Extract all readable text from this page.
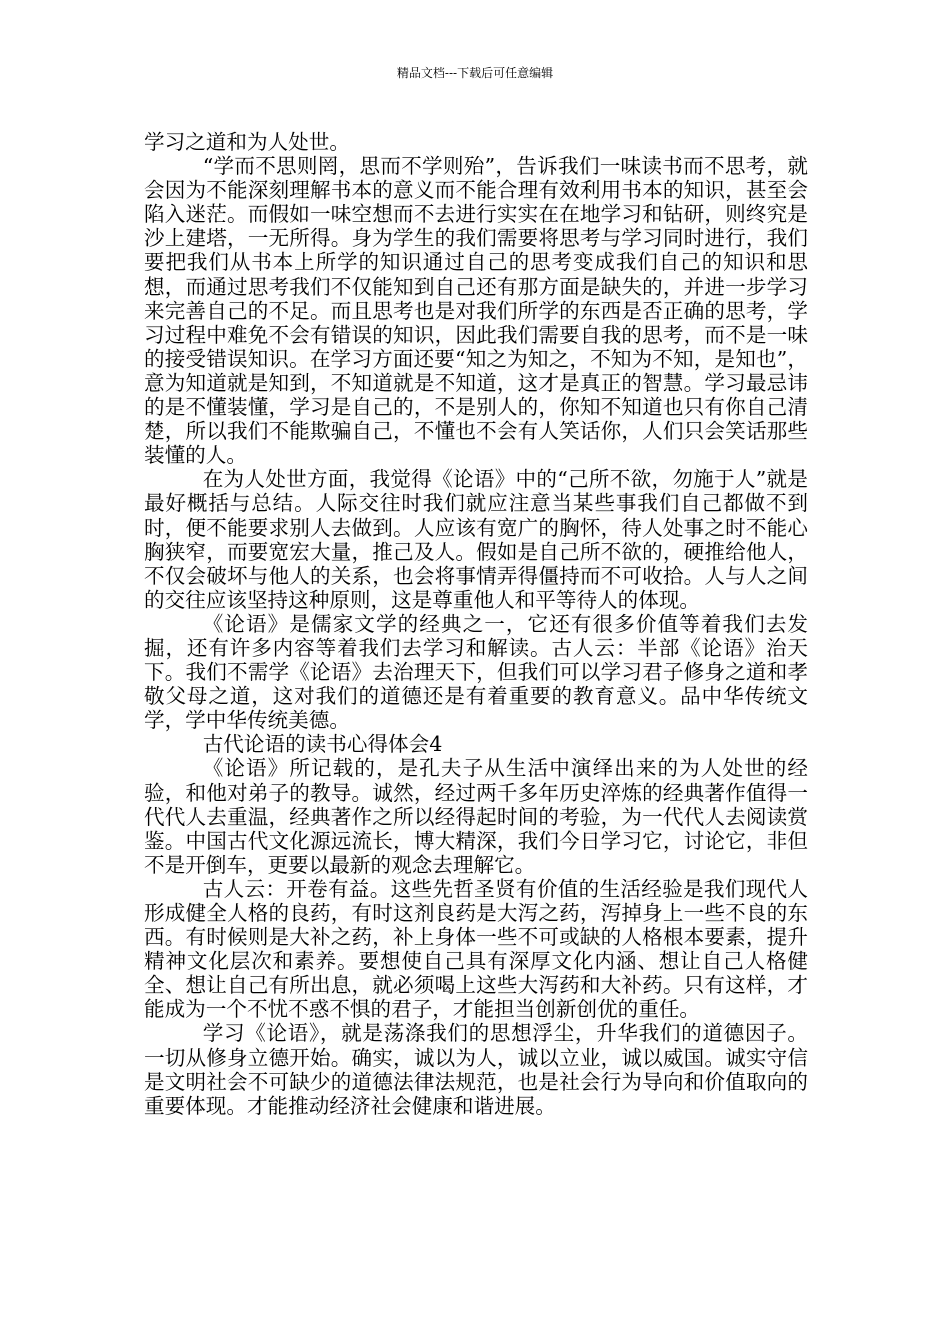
精品文档---下载后可任意编辑

学习之道和为人处世。

“学而不思则罔，思而不学则殆”，告诉我们一味读书而不思考，就会因为不能深刻理解书本的意义而不能合理有效利用书本的知识，甚至会陷入迷茫。而假如一味空想而不去进行实实在在地学习和钻研，则终究是沙上建塔，一无所得。身为学生的我们需要将思考与学习同时进行，我们要把我们从书本上所学的知识通过自己的思考变成我们自己的知识和思想，而通过思考我们不仅能知到自己还有那方面是缺失的，并进一步学习来完善自己的不足。而且思考也是对我们所学的东西是否正确的思考，学习过程中难免不会有错误的知识，因此我们需要自我的思考，而不是一味的接受错误知识。在学习方面还要“知之为知之，不知为不知，是知也”，意为知道就是知到，不知道就是不知道，这才是真正的智慧。学习最忌讳的是不懂装懂，学习是自己的，不是别人的，你知不知道也只有你自己清楚，所以我们不能欺骗自己，不懂也不会有人笑话你，人们只会笑话那些装懂的人。

在为人处世方面，我觉得《论语》中的“己所不欲，勿施于人”就是最好概括与总结。人际交往时我们就应注意当某些事我们自己都做不到时，便不能要求别人去做到。人应该有宽广的胸怀，待人处事之时不能心胸狭窄，而要宽宏大量，推己及人。假如是自己所不欲的，硬推给他人，不仅会破坏与他人的关系，也会将事情弄得僵持而不可收拾。人与人之间的交往应该坚持这种原则，这是尊重他人和平等待人的体现。

《论语》是儒家文学的经典之一，它还有很多价值等着我们去发掘，还有许多内容等着我们去学习和解读。古人云：半部《论语》治天下。我们不需学《论语》去治理天下，但我们可以学习君子修身之道和孝敬父母之道，这对我们的道德还是有着重要的教育意义。品中华传统文学，学中华传统美德。

古代论语的读书心得体会4

《论语》所记载的，是孔夫子从生活中演绎出来的为人处世的经验，和他对弟子的教导。诚然，经过两千多年历史淬炼的经典著作值得一代代人去重温，经典著作之所以经得起时间的考验，为一代代人去阅读赏鉴。中国古代文化源远流长，博大精深，我们今日学习它，讨论它，非但不是开倒车，更要以最新的观念去理解它。

古人云：开卷有益。这些先哲圣贤有价值的生活经验是我们现代人形成健全人格的良药，有时这剂良药是大泻之药，泻掉身上一些不良的东西。有时候则是大补之药，补上身体一些不可或缺的人格根本要素，提升精神文化层次和素养。要想使自己具有深厚文化内涵、想让自己人格健全、想让自己有所出息，就必须喝上这些大泻药和大补药。只有这样，才能成为一个不忧不惑不惧的君子，才能担当创新创优的重任。

学习《论语》，就是荡涤我们的思想浮尘，升华我们的道德因子。一切从修身立德开始。确实，诚以为人，诚以立业，诚以威国。诚实守信是文明社会不可缺少的道德法律法规范，也是社会行为导向和价值取向的重要体现。才能推动经济社会健康和谐进展。
